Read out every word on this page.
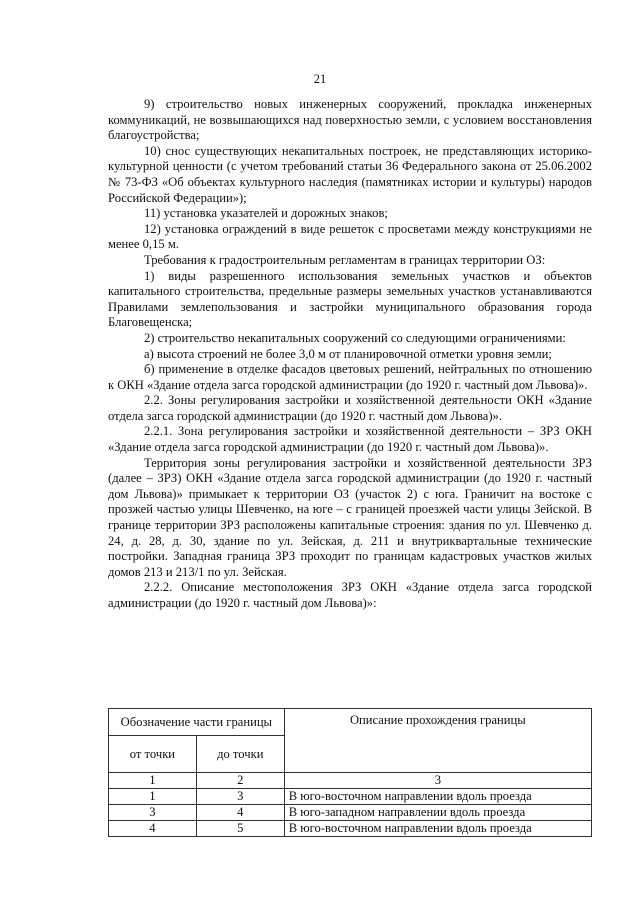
21

9) строительство новых инженерных сооружений, прокладка инженерных коммуникаций, не возвышающихся над поверхностью земли, с условием восстановления благоустройства;

10) снос существующих некапитальных построек, не представляющих историко-культурной ценности (с учетом требований статьи 36 Федерального закона от 25.06.2002 № 73-ФЗ «Об объектах культурного наследия (памятниках истории и культуры) народов Российской Федерации»);

11) установка указателей и дорожных знаков;

12) установка ограждений в виде решеток с просветами между конструкциями не менее 0,15 м.

Требования к градостроительным регламентам в границах территории ОЗ:

1) виды разрешенного использования земельных участков и объектов капитального строительства, предельные размеры земельных участков устанавливаются Правилами землепользования и застройки муниципального образования города Благовещенска;

2) строительство некапитальных сооружений со следующими ограничениями:

а) высота строений не более 3,0 м от планировочной отметки уровня земли;

б) применение в отделке фасадов цветовых решений, нейтральных по отношению к ОКН «Здание отдела загса городской администрации (до 1920 г. частный дом Львова)».

2.2. Зоны регулирования застройки и хозяйственной деятельности ОКН «Здание отдела загса городской администрации (до 1920 г. частный дом Львова)».

2.2.1. Зона регулирования застройки и хозяйственной деятельности – ЗРЗ ОКН «Здание отдела загса городской администрации (до 1920 г. частный дом Львова)».

Территория зоны регулирования застройки и хозяйственной деятельности ЗРЗ (далее – ЗРЗ) ОКН «Здание отдела загса городской администрации (до 1920 г. частный дом Львова)» примыкает к территории ОЗ (участок 2) с юга. Граничит на востоке с прозжей частью улицы Шевченко, на юге – с границей проезжей части улицы Зейской. В границе территории ЗРЗ расположены капитальные строения: здания по ул. Шевченко д. 24, д. 28, д. 30, здание по ул. Зейская, д. 211 и внутриквартальные технические постройки. Западная граница ЗРЗ проходит по границам кадастровых участков жилых домов 213 и 213/1 по ул. Зейская.

2.2.2. Описание местоположения ЗРЗ ОКН «Здание отдела загса городской администрации (до 1920 г. частный дом Львова)»:

Обозначение части границы		Описание прохождения границы
от точки	до точки	
1	2	3
1	3	В юго-восточном направлении вдоль проезда
3	4	В юго-западном направлении вдоль проезда
4	5	В юго-восточном направлении вдоль проезда
